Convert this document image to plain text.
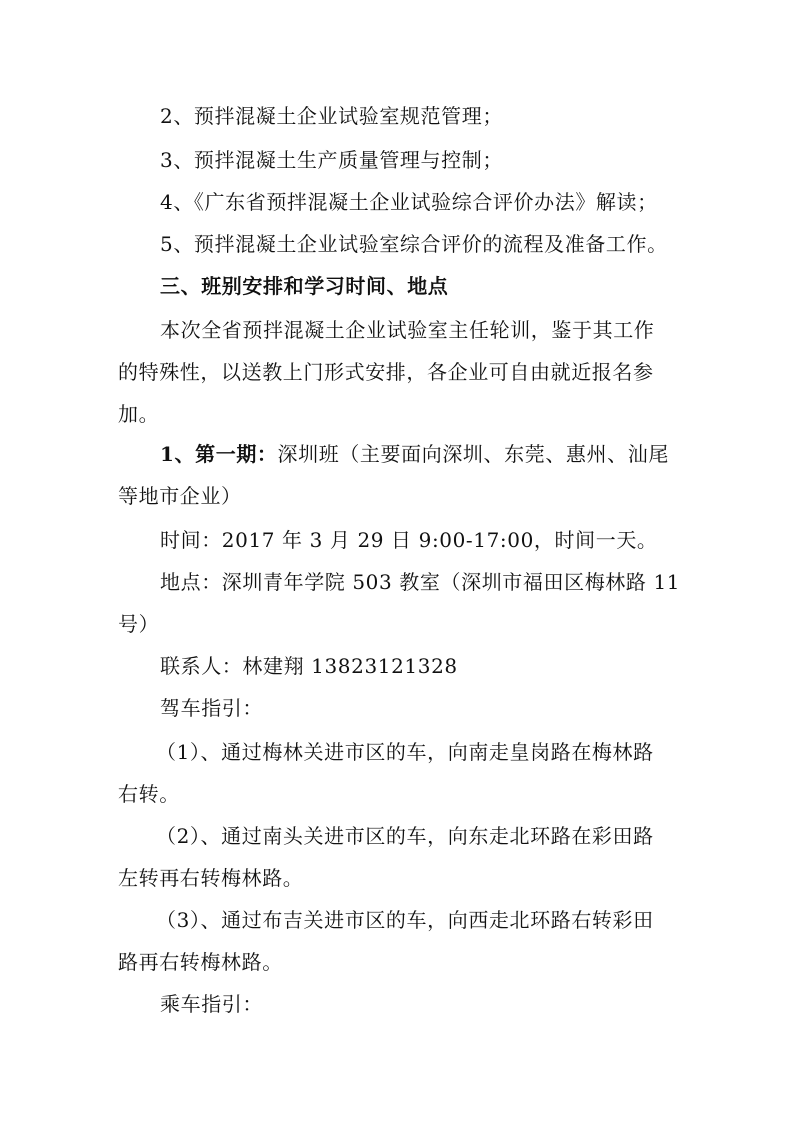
2、预拌混凝土企业试验室规范管理；

3、预拌混凝土生产质量管理与控制；

4、《广东省预拌混凝土企业试验综合评价办法》解读；

5、预拌混凝土企业试验室综合评价的流程及准备工作。

三、班别安排和学习时间、地点

本次全省预拌混凝土企业试验室主任轮训，鉴于其工作

的特殊性，以送教上门形式安排，各企业可自由就近报名参

加。

1、第一期：深圳班（主要面向深圳、东莞、惠州、汕尾

等地市企业）

时间：2017 年 3 月 29 日 9:00-17:00，时间一天。

地点：深圳青年学院 503 教室（深圳市福田区梅林路 11

号）

联系人：林建翔 13823121328

驾车指引：

（1）、通过梅林关进市区的车，向南走皇岗路在梅林路

右转。

（2）、通过南头关进市区的车，向东走北环路在彩田路

左转再右转梅林路。

（3）、通过布吉关进市区的车，向西走北环路右转彩田

路再右转梅林路。

乘车指引：
